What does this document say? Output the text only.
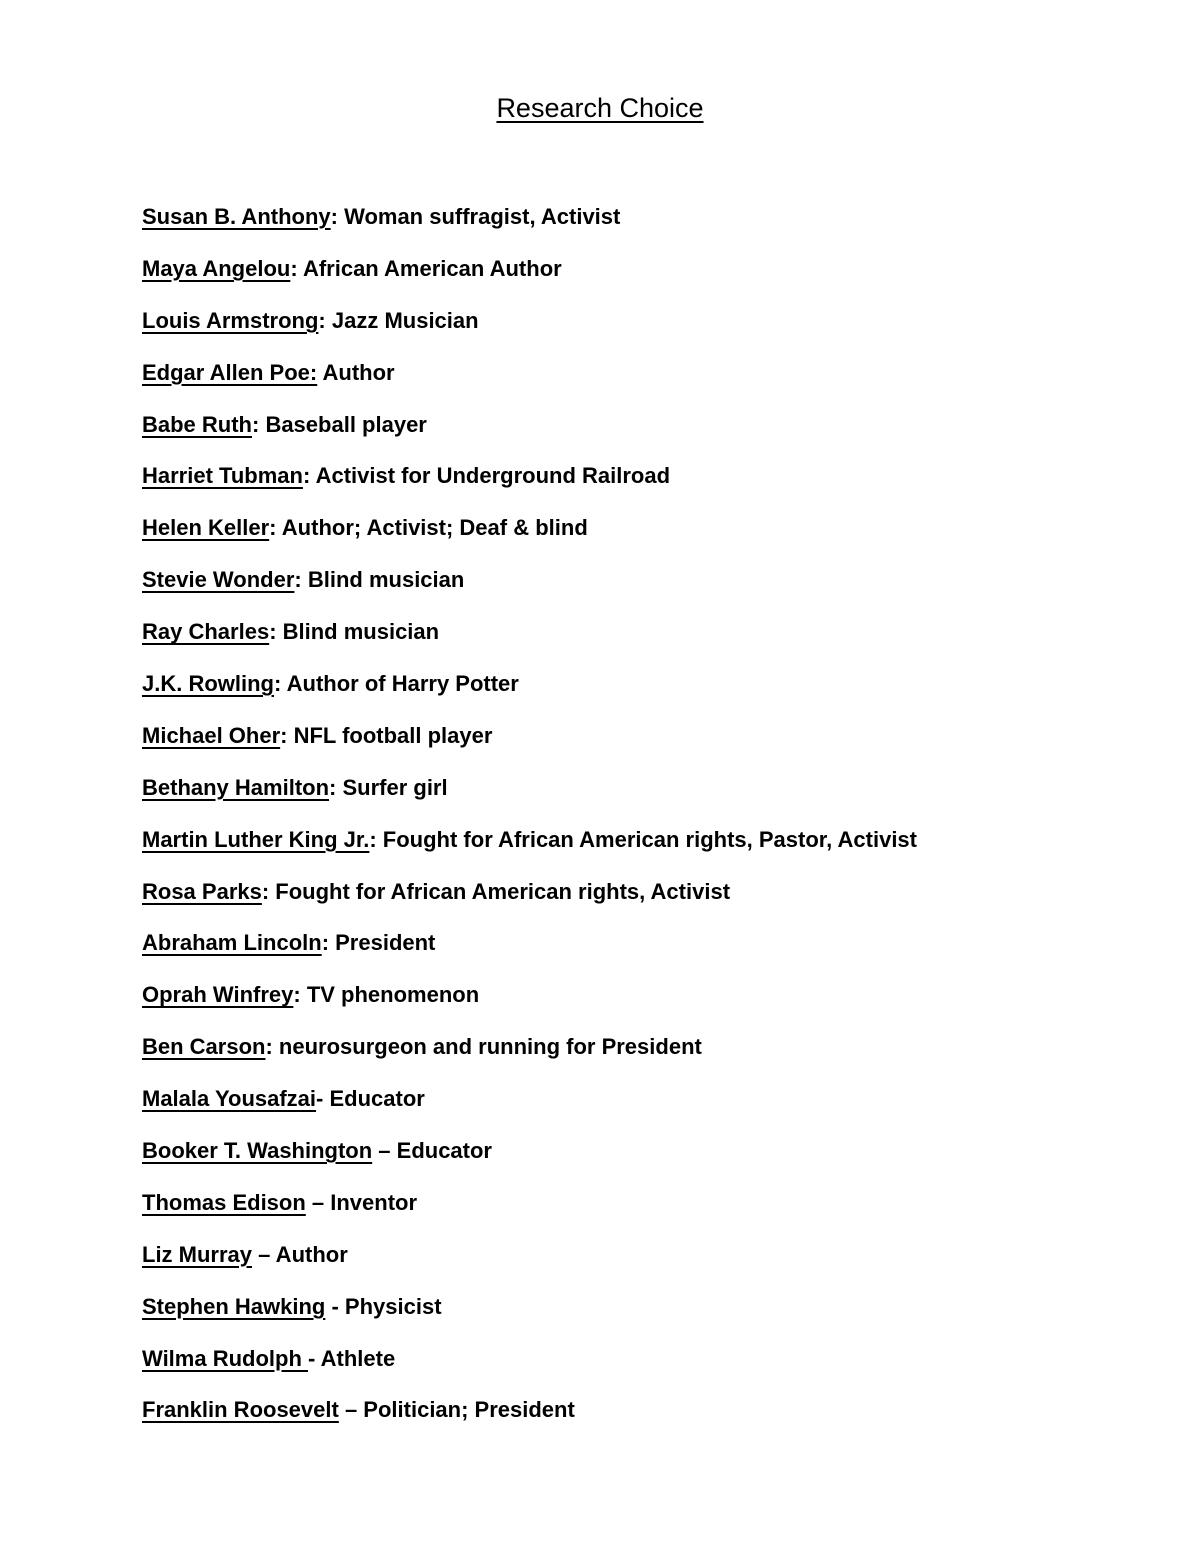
Research Choice
Susan B. Anthony: Woman suffragist, Activist
Maya Angelou: African American Author
Louis Armstrong: Jazz Musician
Edgar Allen Poe: Author
Babe Ruth: Baseball player
Harriet Tubman: Activist for Underground Railroad
Helen Keller: Author; Activist; Deaf & blind
Stevie Wonder: Blind musician
Ray Charles: Blind musician
J.K. Rowling: Author of Harry Potter
Michael Oher: NFL football player
Bethany Hamilton: Surfer girl
Martin Luther King Jr.: Fought for African American rights, Pastor, Activist
Rosa Parks: Fought for African American rights, Activist
Abraham Lincoln: President
Oprah Winfrey: TV phenomenon
Ben Carson: neurosurgeon and running for President
Malala Yousafzai- Educator
Booker T. Washington – Educator
Thomas Edison – Inventor
Liz Murray – Author
Stephen Hawking - Physicist
Wilma Rudolph - Athlete
Franklin Roosevelt – Politician; President
